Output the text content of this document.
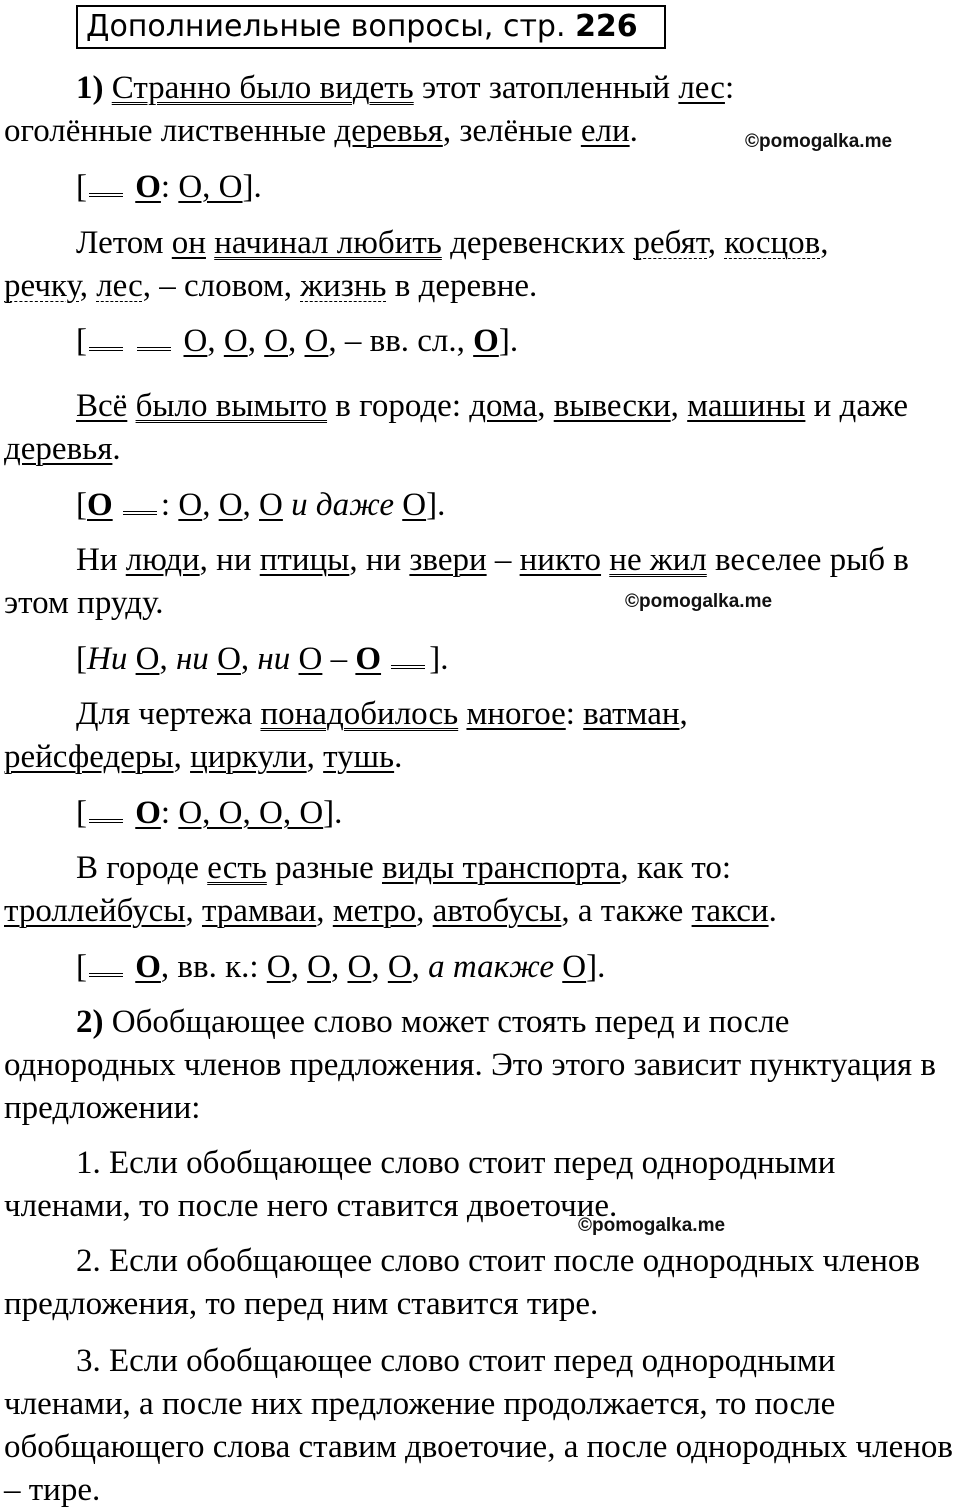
Дополниельные вопросы, стр. 226
1) Странно было видеть этот затопленный лес:
оголённые лиственные деревья, зелёные ели.
[ О: О, О].
Летом он начинал любить деревенских ребят, косцов,
речку, лес, – словом, жизнь в деревне.
[	О, О, О, О, – вв. сл., О].
Всё было вымыто в городе: дома, вывески, машины и даже деревья.
[О : О, О, О и даже О].
Ни люди, ни птицы, ни звери – никто не жил веселее рыб в этом пруду.
[Ни О, ни О, ни О – О ].
Для чертежа понадобилось многое: ватман,
рейсфедеры, циркули, тушь.
[ О: О, О, О, О].
В городе есть разные виды транспорта, как то:
троллейбусы, трамваи, метро, автобусы, а также такси.
[ О, вв. к.: О, О, О, О, а также О].
2) Обобщающее слово может стоять перед и после однородных членов предложения. Это этого зависит пунктуация в предложении:
1. Если обобщающее слово стоит перед однородными членами, то после него ставится двоеточие.
2. Если обобщающее слово стоит после однородных членов предложения, то перед ним ставится тире.
3. Если обобщающее слово стоит перед однородными членами, а после них предложение продолжается, то после обобщающего слова ставим двоеточие, а после однородных членов – тире.
©pomogalka.me
©pomogalka.me
©pomogalka.me
